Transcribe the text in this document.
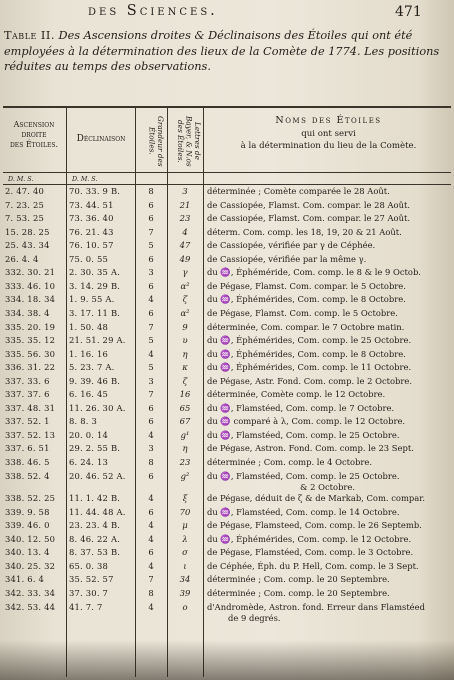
des Sciences.	471
Table II. Des Ascensions droites & Déclinaisons des Étoiles qui ont été employées à la détermination des lieux de la Comète de 1774. Les positions réduites au temps des observations.
Ascension
droite
des Étoiles.
Déclinaison	Grandeur des Étoiles.	Lettres de Bayer, & N.os des Étoiles.	Noms des Étoiles
qui ont servi
à la détermination du lieu de la Comète.
D. M. S.	D. M. S.
2. 47. 40	70. 33. 9 B.	8	3	déterminée ; Comète comparée le 28 Août.
7. 23. 25	73. 44. 51	6	21	de Cassiopée, Flamst. Com. compar. le 28 Août.
7. 53. 25	73. 36. 40	6	23	de Cassiopée, Flamst. Com. compar. le 27 Août.
15. 28. 25	76. 21. 43	7	4	déterm. Com. comp. les 18, 19, 20 & 21 Août.
25. 43. 34	76. 10. 57	5	47	de Cassiopée, vérifiée par γ de Céphée.
26. 4. 4	75. 0. 55	6	49	de Cassiopée, vérifiée par la même γ.
332. 30. 21	2. 30. 35 A.	3	γ	du ♒, Éphéméride, Com. comp. le 8 & le 9 Octob.
333. 46. 10	3. 14. 29 B.	6	α²	de Pégase, Flamst. Com. compar. le 5 Octobre.
334. 18. 34	1. 9. 55 A.	4	ζ	du ♒, Éphémérides, Com. comp. le 8 Octobre.
334. 38. 4	3. 17. 11 B.	6	α²	de Pégase, Flamst. Com. comp. le 5 Octobre.
335. 20. 19	1. 50. 48	7	9	déterminée, Com. compar. le 7 Octobre matin.
335. 35. 12	21. 51. 29 A.	5	υ	du ♒, Éphémérides, Com. comp. le 25 Octobre.
335. 56. 30	1. 16. 16	4	η	du ♒, Éphémérides, Com. comp. le 8 Octobre.
336. 31. 22	5. 23. 7 A.	5	κ	du ♒, Éphémérides, Com. comp. le 11 Octobre.
337. 33. 6	9. 39. 46 B.	3	ζ	de Pégase, Astr. Fond. Com. comp. le 2 Octobre.
337. 37. 6	6. 16. 45	7	16	déterminée, Comète comp. le 12 Octobre.
337. 48. 31	11. 26. 30 A.	6	65	du ♒, Flamstéed, Com. comp. le 7 Octobre.
337. 52. 1	8. 8. 3	6	67	du ♒ comparé à λ, Com. comp. le 12 Octobre.
337. 52. 13	20. 0. 14	4	g¹	du ♒, Flamstéed, Com. comp. le 25 Octobre.
337. 6. 51	29. 2. 55 B.	3	η	de Pégase, Astron. Fond. Com. comp. le 23 Sept.
338. 46. 5	6. 24. 13	8	23	déterminée ; Com. comp. le 4 Octobre.
338. 52. 4	20. 46. 52 A.	6	g²	du ♒, Flamstéed, Com. comp. le 25 Octobre.
& 2 Octobre.
338. 52. 25	11. 1. 42 B.	4	ξ	de Pégase, déduit de ζ & de Markab, Com. compar.
339. 9. 58	11. 44. 48 A.	6	70	du ♒, Flamstéed, Com. comp. le 14 Octobre.
339. 46. 0	23. 23. 4 B.	4	μ	de Pégase, Flamsteed, Com. comp. le 26 Septemb.
340. 12. 50	8. 46. 22 A.	4	λ	du ♒, Éphémérides, Com. comp. le 12 Octobre.
340. 13. 4	8. 37. 53 B.	6	σ	de Pégase, Flamstéed, Com. comp. le 3 Octobre.
340. 25. 32	65. 0. 38	4	ι	de Céphée, Éph. du P. Hell, Com. comp. le 3 Sept.
341. 6. 4	35. 52. 57	7	34	déterminée ; Com. comp. le 20 Septembre.
342. 33. 34	37. 30. 7	8	39	déterminée ; Com. comp. le 20 Septembre.
342. 53. 44	41. 7. 7	4	o	d'Andromède, Astron. fond. Erreur dans Flamstéed
de 9 degrés.
